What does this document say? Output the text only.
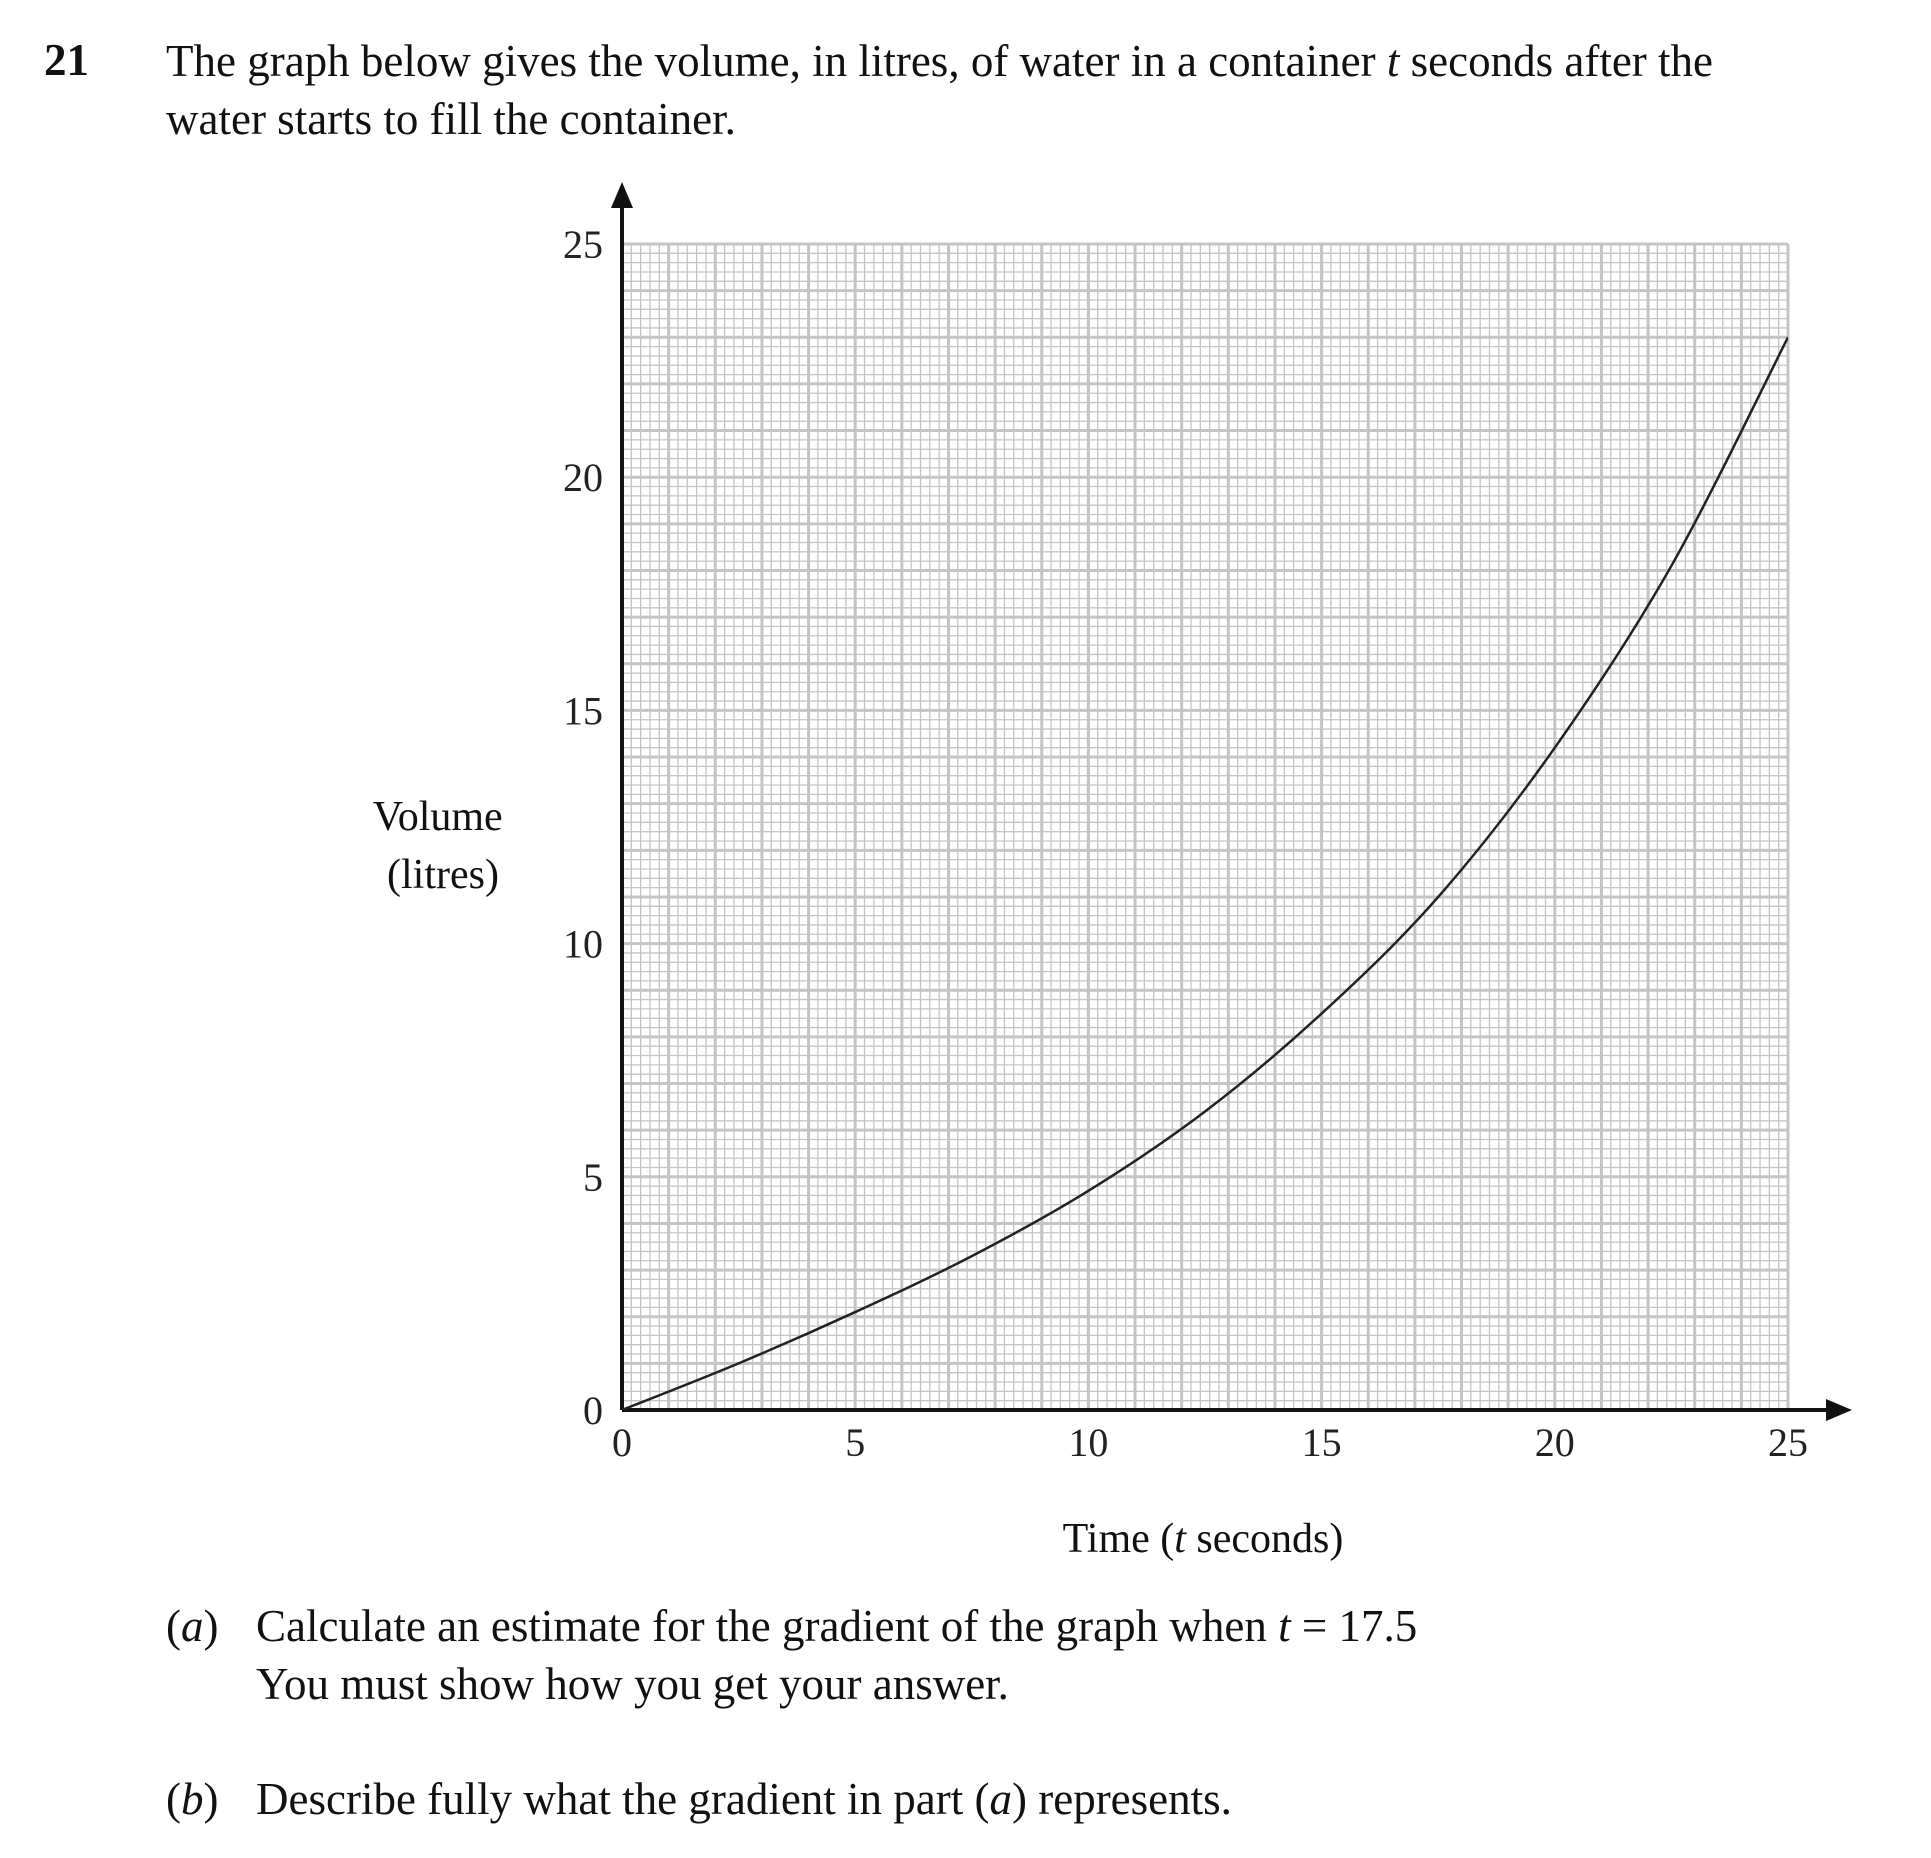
21 The graph below gives the volume, in litres, of water in a container t seconds after the
water starts to fill the container.
0	5	10	15	20	25
0
5
10
15
20
25
Time (t seconds)
Volume (litres)
(a) Calculate an estimate for the gradient of the graph when t = 17.5
You must show how you get your answer.
(b) Describe fully what the gradient in part (a) represents.
